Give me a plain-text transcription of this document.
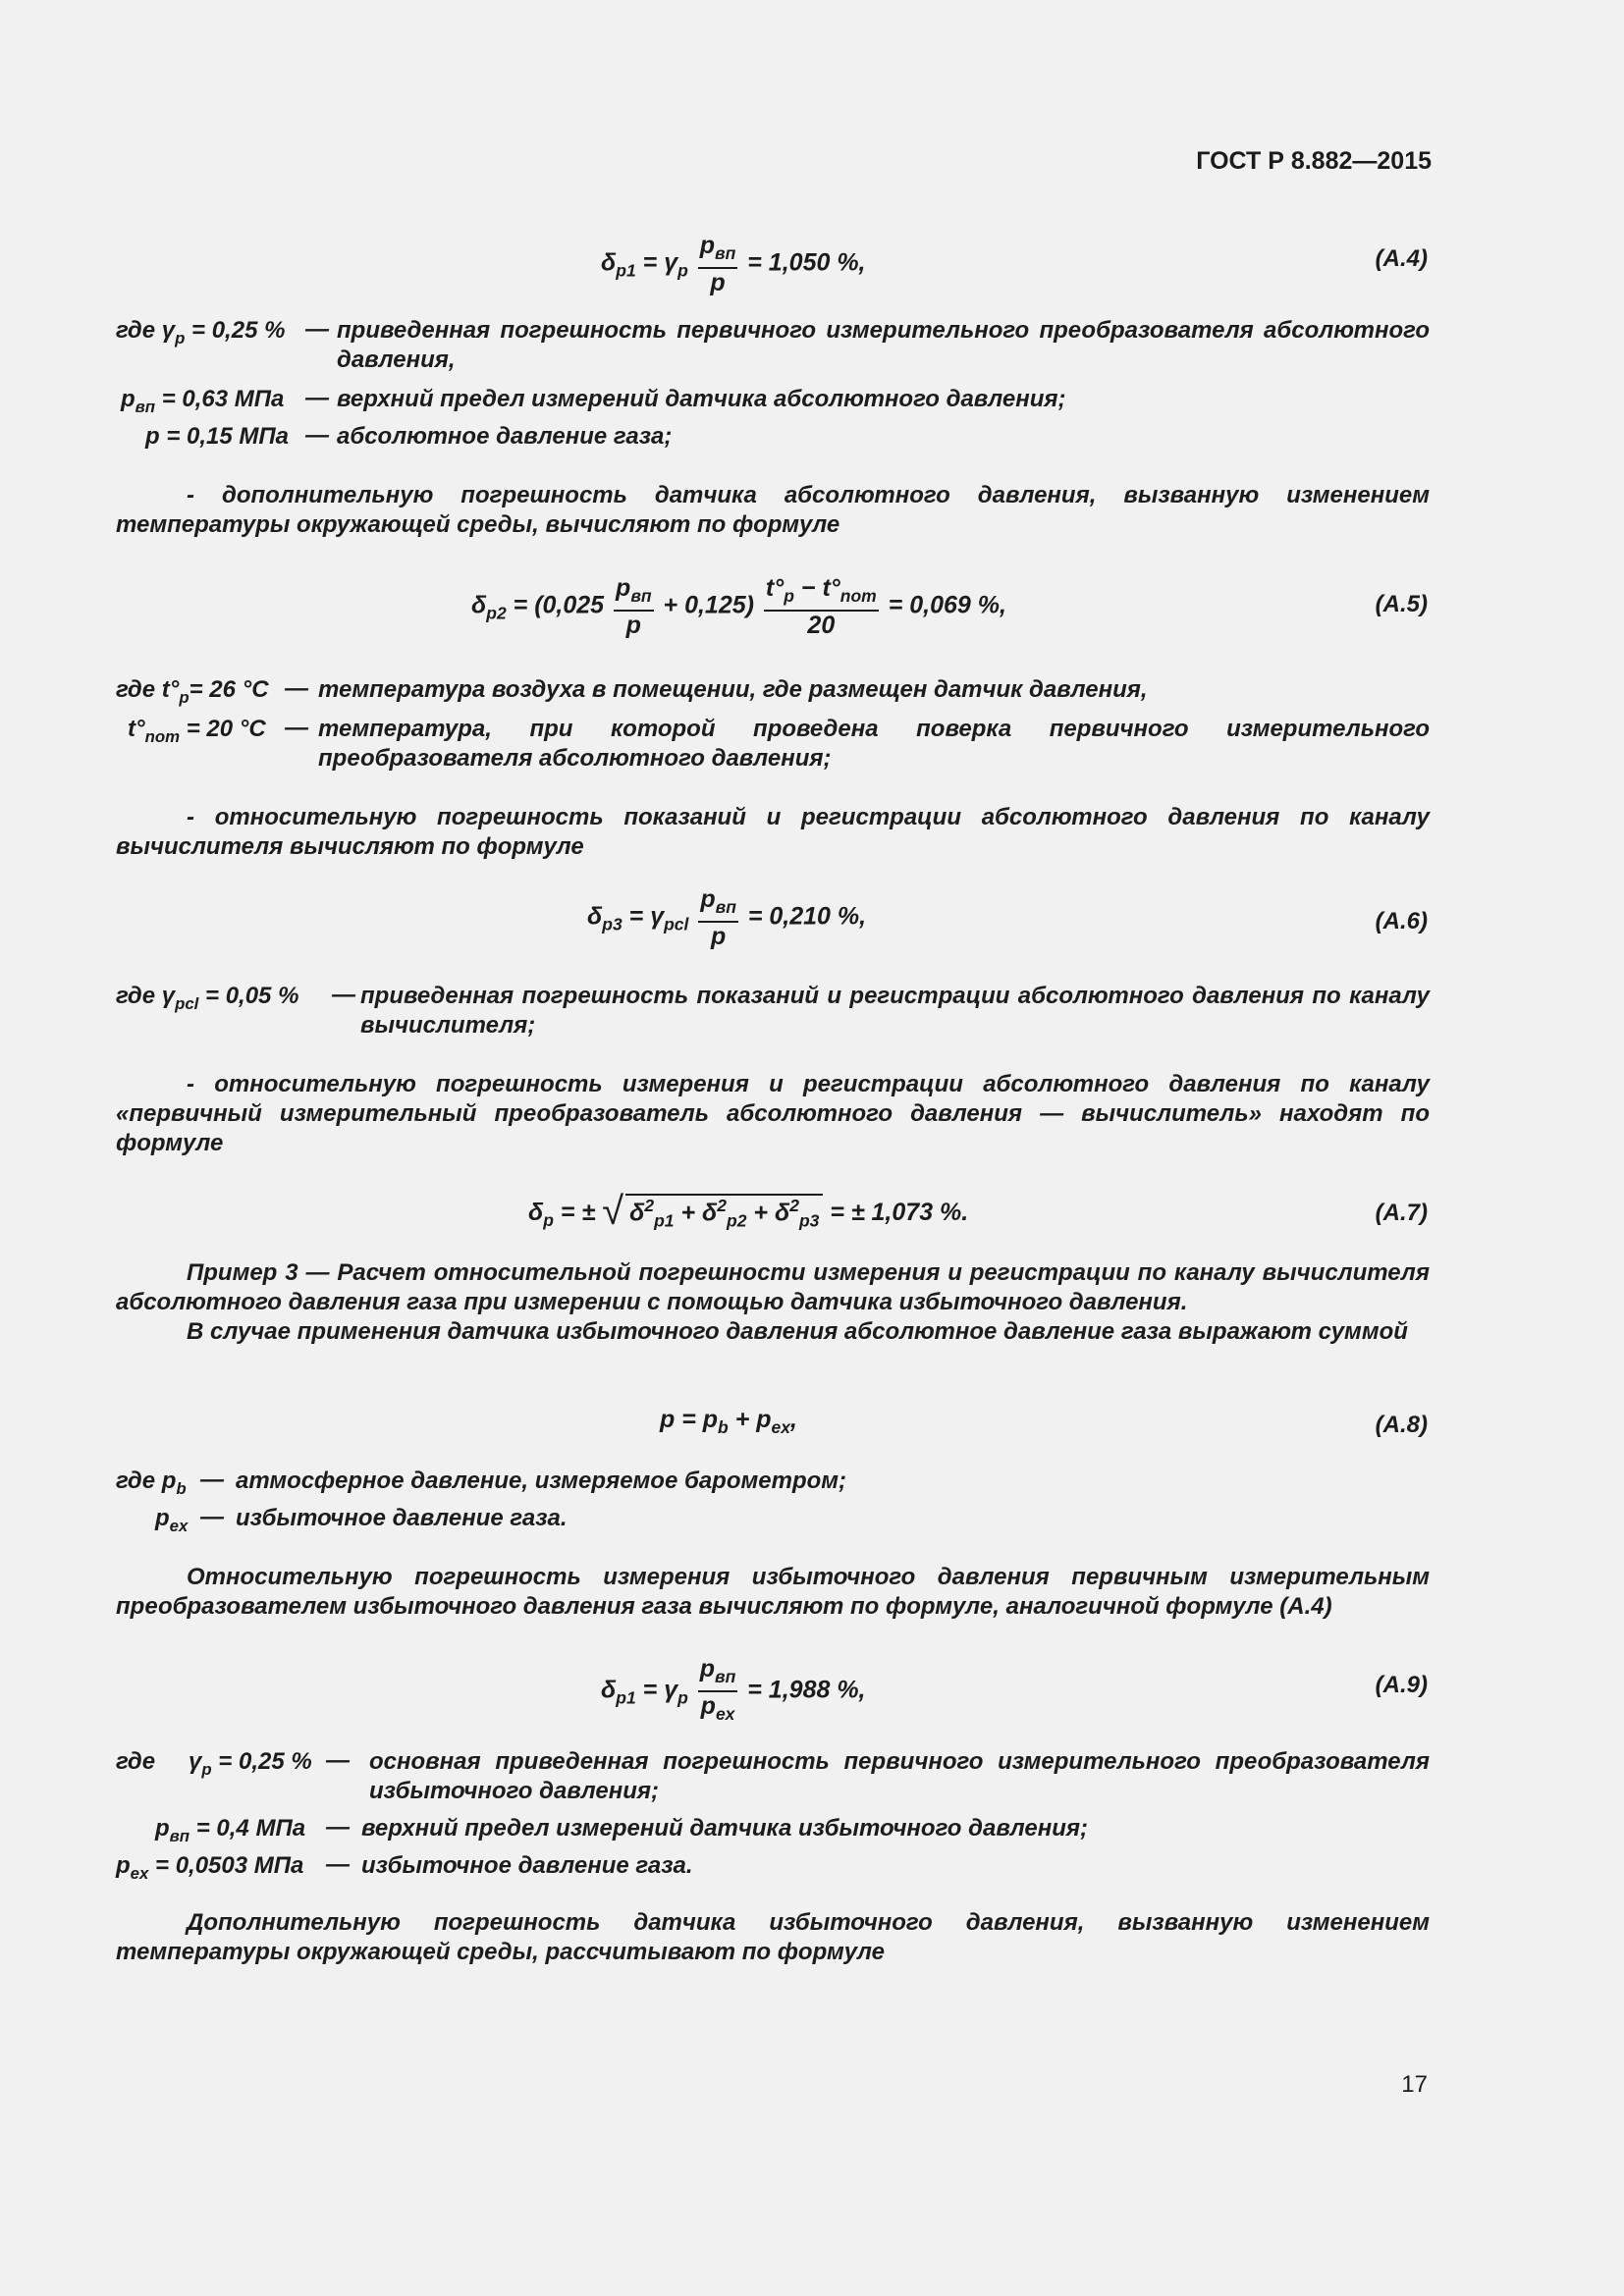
ГОСТ Р 8.882—2015
$\delta_{p1} = \gamma_p \frac{p_{вп}}{p} = 1,050$ %,	(А.4)
где $\gamma_p = 0,25$ % — приведенная погрешность первичного измерительного преобразователя абсолютного давления,
$p_{вп} = 0,63$ МПа — верхний предел измерений датчика абсолютного давления;
p = 0,15 МПа — абсолютное давление газа;
- дополнительную погрешность датчика абсолютного давления, вызванную изменением температуры окружающей среды, вычисляют по формуле
$\delta_{p2} = (0,025 \frac{p_{вп}}{p} + 0,125) \frac{t^\circ_p - t^\circ_{nom}}{20} = 0,069$ %,	(А.5)
где $t^\circ_p= 26$ °C — температура воздуха в помещении, где размещен датчик давления,
$t^\circ_{nom} = 20$ °C — температура, при которой проведена поверка первичного измерительного преобразователя абсолютного давления;
- относительную погрешность показаний и регистрации абсолютного давления по каналу вычислителя вычисляют по формуле
$\delta_{p3} = \gamma_{pcl} \frac{p_{вп}}{p} = 0,210$ %,	(А.6)
где $\gamma_{pcl} = 0,05$ % — приведенная погрешность показаний и регистрации абсолютного давления по каналу вычислителя;
- относительную погрешность измерения и регистрации абсолютного давления по каналу «первичный измерительный преобразователь абсолютного давления — вычислитель» находят по формуле
$\delta_p$ = ± √ $\delta^2_{p1} + \delta^2_{p2} + \delta^2_{p3}$ = ± 1,073 %.	(А.7)
Пример 3 — Расчет относительной погрешности измерения и регистрации по каналу вычислителя абсолютного давления газа при измерении с помощью датчика избыточного давления.
В случае применения датчика избыточного давления абсолютное давление газа выражают суммой
$p = p_b + p_{ex}$,	(А.8)
где $p_b$ — атмосферное давление, измеряемое барометром;
$p_{ex}$ — избыточное давление газа.
Относительную погрешность измерения избыточного давления первичным измерительным преобразователем избыточного давления газа вычисляют по формуле, аналогичной формуле (А.4)
$\delta_{p1} = \gamma_p \frac{p_{вп}}{p_{ex}} = 1,988$ %,	(А.9)
где $\gamma_p = 0,25$ % — основная приведенная погрешность первичного измерительного преобразователя избыточного давления;
$p_{вп} = 0,4$ МПа — верхний предел измерений датчика избыточного давления;
$p_{ex} = 0,0503$ МПа — избыточное давление газа.
Дополнительную погрешность датчика избыточного давления, вызванную изменением температуры окружающей среды, рассчитывают по формуле
17
